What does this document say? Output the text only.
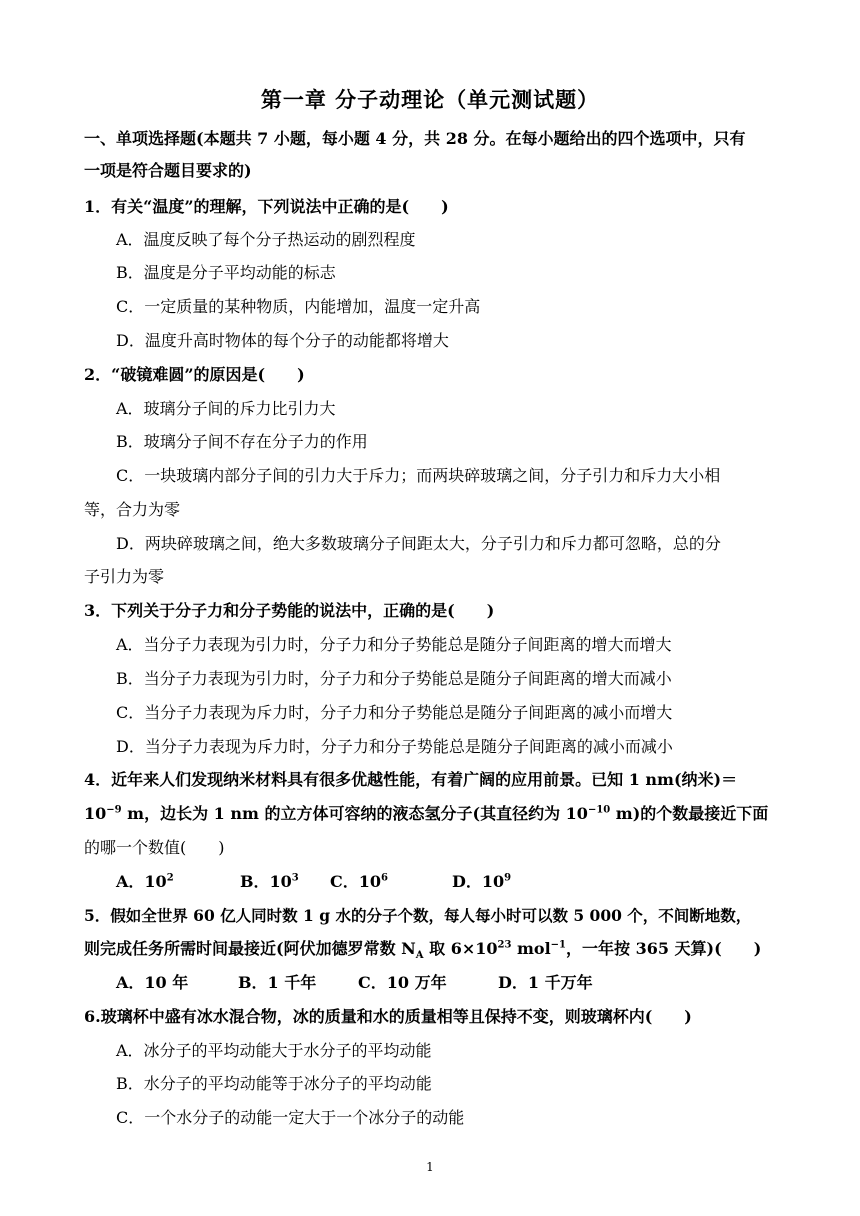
第一章 分子动理论（单元测试题）
一、单项选择题(本题共 7 小题，每小题 4 分，共 28 分。在每小题给出的四个选项中，只有
一项是符合题目要求的)
1．有关“温度”的理解，下列说法中正确的是(　　)
A．温度反映了每个分子热运动的剧烈程度
B．温度是分子平均动能的标志
C．一定质量的某种物质，内能增加，温度一定升高
D．温度升高时物体的每个分子的动能都将增大
2．“破镜难圆”的原因是(　　)
A．玻璃分子间的斥力比引力大
B．玻璃分子间不存在分子力的作用
C．一块玻璃内部分子间的引力大于斥力；而两块碎玻璃之间，分子引力和斥力大小相
等，合力为零
D．两块碎玻璃之间，绝大多数玻璃分子间距太大，分子引力和斥力都可忽略，总的分
子引力为零
3．下列关于分子力和分子势能的说法中，正确的是(　　)
A．当分子力表现为引力时，分子力和分子势能总是随分子间距离的增大而增大
B．当分子力表现为引力时，分子力和分子势能总是随分子间距离的增大而减小
C．当分子力表现为斥力时，分子力和分子势能总是随分子间距离的减小而增大
D．当分子力表现为斥力时，分子力和分子势能总是随分子间距离的减小而减小
4．近年来人们发现纳米材料具有很多优越性能，有着广阔的应用前景。已知 1 nm(纳米)＝
$10^{-9}$ m，边长为 1 nm 的立方体可容纳的液态氢分子(其直径约为 $10^{-10}$ m)的个数最接近下面
的哪一个数值(　　)
A．$10^2$	B．$10^3$ C．$10^6$	D．$10^9$
5．假如全世界 60 亿人同时数 1 g 水的分子个数，每人每小时可以数 5 000 个，不间断地数，
则完成任务所需时间最接近(阿伏加德罗常数 $N_A$ 取 $6\times 10^{23}$ mol$^{-1}$，一年按 365 天算)(　　)
A．10 年	B．1 千年	C．10 万年	D．1 千万年
6.玻璃杯中盛有冰水混合物，冰的质量和水的质量相等且保持不变，则玻璃杯内(　　)
A．冰分子的平均动能大于水分子的平均动能
B．水分子的平均动能等于冰分子的平均动能
C．一个水分子的动能一定大于一个冰分子的动能
1
